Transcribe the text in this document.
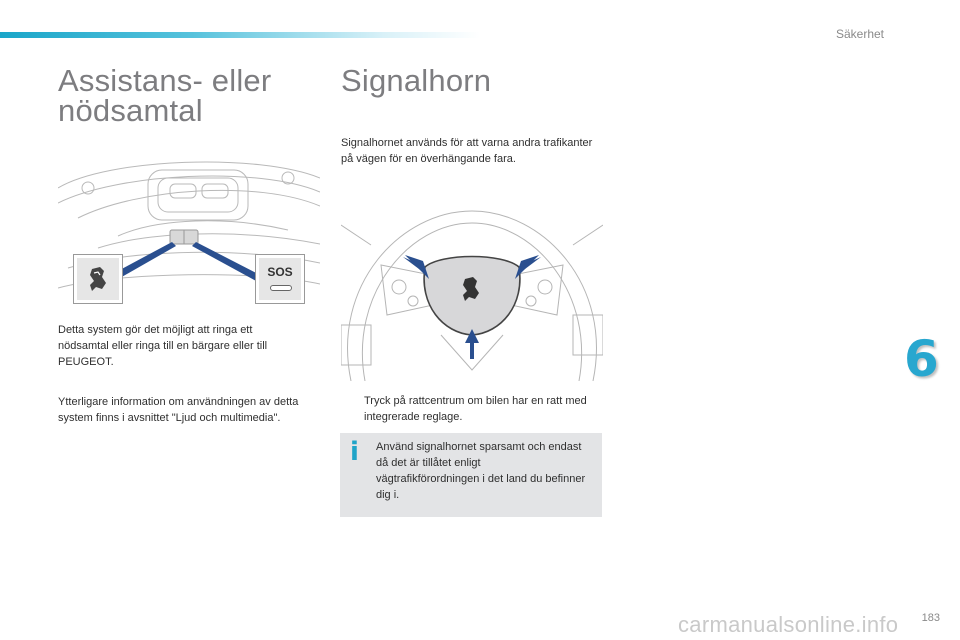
Säkerhet
Assistans- eller nödsamtal
SOS

Detta system gör det möjligt att ringa ett nödsamtal eller ringa till en bärgare eller till PEUGEOT.

Ytterligare information om användningen av detta system finns i avsnittet "Ljud och multimedia".

Signalhorn

Signalhornet används för att varna andra trafikanter på vägen för en överhängande fara.

Tryck på rattcentrum om bilen har en ratt med integrerade reglage.
i	Använd signalhornet sparsamt och endast då det är tillåtet enligt vägtrafikförordningen i det land du befinner dig i.
6
carmanualsonline.info 183
